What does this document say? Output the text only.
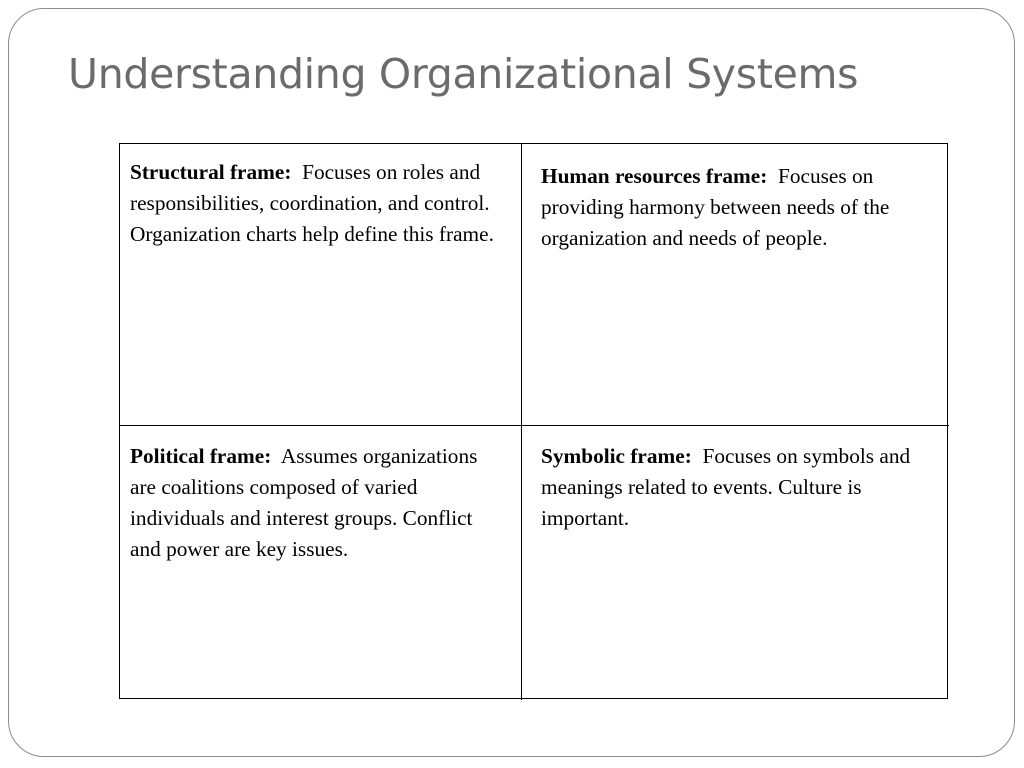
Understanding Organizational Systems
Structural frame: Focuses on roles and responsibilities, coordination, and control. Organization charts help define this frame.
Human resources frame: Focuses on providing harmony between needs of the organization and needs of people.
Political frame: Assumes organizations are coalitions composed of varied individuals and interest groups. Conflict and power are key issues.
Symbolic frame: Focuses on symbols and meanings related to events. Culture is important.
